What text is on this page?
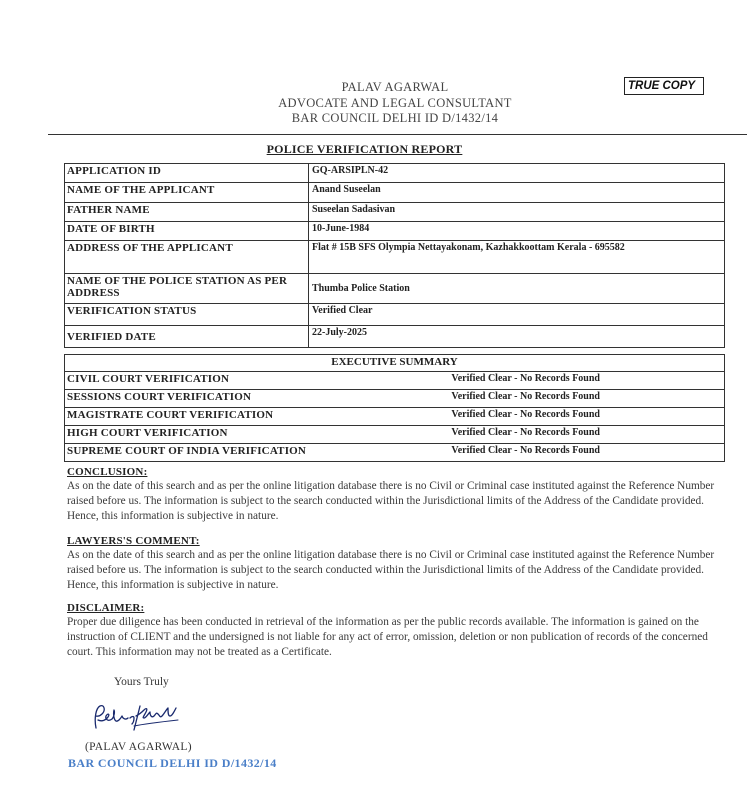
PALAV AGARWAL
ADVOCATE AND LEGAL CONSULTANT
BAR COUNCIL DELHI ID D/1432/14
TRUE COPY
POLICE VERIFICATION REPORT
APPLICATION ID	GQ-ARSIPLN-42
NAME OF THE APPLICANT	Anand Suseelan
FATHER NAME	Suseelan Sadasivan
DATE OF BIRTH	10-June-1984
ADDRESS OF THE APPLICANT	Flat # 15B SFS Olympia Nettayakonam, Kazhakkoottam Kerala - 695582
NAME OF THE POLICE STATION AS PER ADDRESS	Thumba Police Station
VERIFICATION STATUS	Verified Clear
VERIFIED DATE	22-July-2025
EXECUTIVE SUMMARY	
CIVIL COURT VERIFICATION	Verified Clear - No Records Found
SESSIONS COURT VERIFICATION	Verified Clear - No Records Found
MAGISTRATE COURT VERIFICATION	Verified Clear - No Records Found
HIGH COURT VERIFICATION	Verified Clear - No Records Found
SUPREME COURT OF INDIA VERIFICATION	Verified Clear - No Records Found
CONCLUSION:
As on the date of this search and as per the online litigation database there is no Civil or Criminal case instituted against the Reference Number raised before us. The information is subject to the search conducted within the Jurisdictional limits of the Address of the Candidate provided. Hence, this information is subjective in nature.
LAWYERS'S COMMENT:
As on the date of this search and as per the online litigation database there is no Civil or Criminal case instituted against the Reference Number raised before us. The information is subject to the search conducted within the Jurisdictional limits of the Address of the Candidate provided. Hence, this information is subjective in nature.
DISCLAIMER:
Proper due diligence has been conducted in retrieval of the information as per the public records available. The information is gained on the instruction of CLIENT and the undersigned is not liable for any act of error, omission, deletion or non publication of records of the concerned court. This information may not be treated as a Certificate.
Yours Truly
(PALAV AGARWAL)
BAR COUNCIL DELHI ID D/1432/14
